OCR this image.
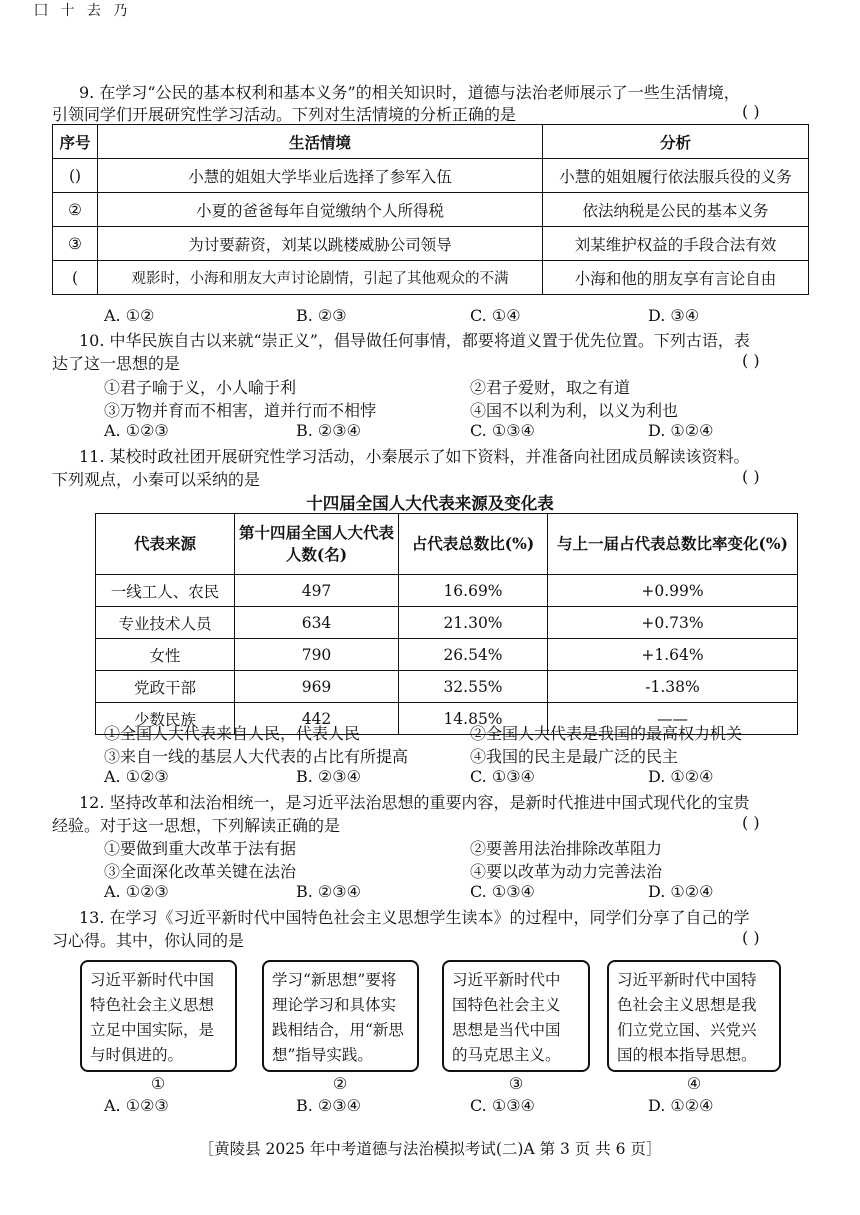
囗 十 去 乃
9. 在学习“公民的基本权利和基本义务”的相关知识时，道德与法治老师展示了一些生活情境，
引领同学们开展研究性学习活动。下列对生活情境的分析正确的是	( )
序号	生活情境	分析
()	小慧的姐姐大学毕业后选择了参军入伍	小慧的姐姐履行依法服兵役的义务
②	小夏的爸爸每年自觉缴纳个人所得税	依法纳税是公民的基本义务
③	为讨要薪资，刘某以跳楼威胁公司领导	刘某维护权益的手段合法有效
(	观影时，小海和朋友大声讨论剧情，引起了其他观众的不满	小海和他的朋友享有言论自由
A. ①②	B. ②③	C. ①④	D. ③④
10. 中华民族自古以来就“崇正义”，倡导做任何事情，都要将道义置于优先位置。下列古语，表
达了这一思想的是	( )
①君子喻于义，小人喻于利	②君子爱财，取之有道
③万物并育而不相害，道并行而不相悖	④国不以利为利，以义为利也
A. ①②③	B. ②③④	C. ①③④	D. ①②④
11. 某校时政社团开展研究性学习活动，小秦展示了如下资料，并准备向社团成员解读该资料。
下列观点，小秦可以采纳的是	( )
十四届全国人大代表来源及变化表
代表来源	第十四届全国人大代表人数(名)	占代表总数比(%)	与上一届占代表总数比率变化(%)
一线工人、农民	497	16.69%	+0.99%
专业技术人员	634	21.30%	+0.73%
女性	790	26.54%	+1.64%
党政干部	969	32.55%	-1.38%
少数民族	442	14.85%	——
①全国人大代表来自人民，代表人民	②全国人大代表是我国的最高权力机关
③来自一线的基层人大代表的占比有所提高	④我国的民主是最广泛的民主
A. ①②③	B. ②③④	C. ①③④	D. ①②④
12. 坚持改革和法治相统一，是习近平法治思想的重要内容，是新时代推进中国式现代化的宝贵
经验。对于这一思想，下列解读正确的是	( )
①要做到重大改革于法有据	②要善用法治排除改革阻力
③全面深化改革关键在法治	④要以改革为动力完善法治
A. ①②③	B. ②③④	C. ①③④	D. ①②④
13. 在学习《习近平新时代中国特色社会主义思想学生读本》的过程中，同学们分享了自己的学
习心得。其中，你认同的是	( )
习近平新时代中国
特色社会主义思想
立足中国实际，是
与时俱进的。
学习“新思想”要将
理论学习和具体实
践相结合，用“新思
想”指导实践。
习近平新时代中
国特色社会主义
思想是当代中国
的马克思主义。
习近平新时代中国特
色社会主义思想是我
们立党立国、兴党兴
国的根本指导思想。
①	②	③	④
A. ①②③	B. ②③④	C. ①③④	D. ①②④
［黄陵县 2025 年中考道德与法治模拟考试(二)A 第 3 页 共 6 页］
